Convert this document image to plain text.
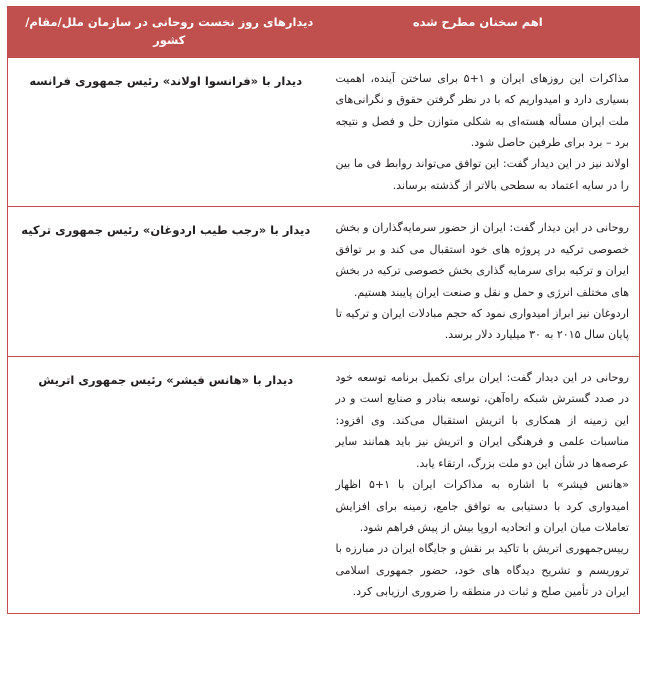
اهم سخنان مطرح شده
دیدارهای روز نخست روحانی در سازمان ملل/مقام/کشور

مذاکرات این روزهای ایران و ۱+۵ برای ساختن آینده، اهمیت بسیاری دارد و امیدواریم که با در نظر گرفتن حقوق و نگرانی‌های ملت ایران مسأله هسته‌ای به شکلی متوازن حل و فصل و نتیجه برد – برد برای طرفین حاصل شود.

اولاند نیز در این دیدار گفت: این توافق می‌تواند روابط فی ما بین را در سایه اعتماد به سطحی بالاتر از گذشته برساند.

دیدار با «فرانسوا اولاند» رئیس جمهوری فرانسه

روحانی در این دیدار گفت: ایران از حضور سرمایه‌گذاران و بخش خصوصی ترکیه در پروژه های خود استقبال می کند و بر توافق ایران و ترکیه برای سرمایه گذاری بخش خصوصی ترکیه در بخش های مختلف انرژی و حمل و نقل و صنعت ایران پایبند هستیم.

اردوغان نیز ابراز امیدواری نمود که حجم مبادلات ایران و ترکیه تا پایان سال ۲۰۱۵ به ۳۰ میلیارد دلار برسد.

دیدار با «رجب طیب اردوغان» رئیس جمهوری ترکیه

روحانی در این دیدار گفت: ایران برای تکمیل برنامه توسعه خود در صدد گسترش شبکه راه‌آهن، توسعه بنادر و صنایع است و در این زمینه از همکاری با اتریش استقبال می‌کند. وی افزود: مناسبات علمی و فرهنگی ایران و اتریش نیز باید همانند سایر عرصه‌ها در شأن این دو ملت بزرگ، ارتقاء یابد.

«هانس فیشر» با اشاره به مذاکرات ایران با ۱+۵ اظهار امیدواری کرد با دستیابی به توافق جامع، زمینه برای افزایش تعاملات میان ایران و اتحادیه اروپا بیش از پیش فراهم شود.

رییس‌جمهوری اتریش با تاکید بر نقش و جایگاه ایران در مبارزه با تروریسم و تشریح دیدگاه های خود، حضور جمهوری اسلامی ایران در تأمین صلح و ثبات در منطقه را ضروری ارزیابی کرد.

دیدار با «هانس فیشر» رئیس جمهوری اتریش
